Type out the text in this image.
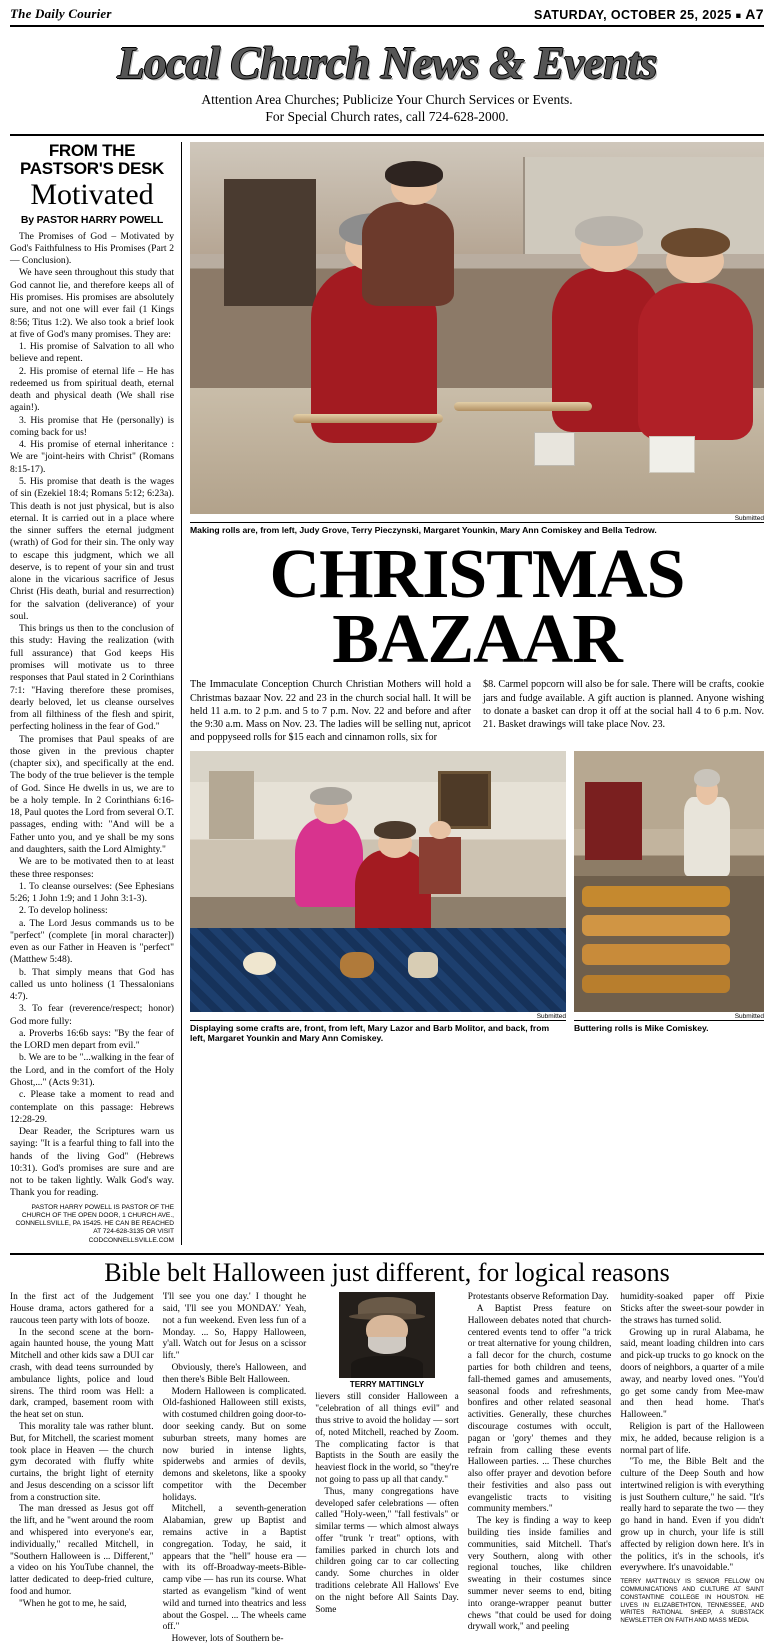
The Daily Courier	SATURDAY, OCTOBER 25, 2025 ■ A7
Local Church News & Events
Attention Area Churches; Publicize Your Church Services or Events.
For Special Church rates, call 724-628-2000.
FROM THE PASTSOR'S DESK
Motivated
By PASTOR HARRY POWELL

The Promises of God – Motivated by God's Faithfulness to His Promises (Part 2 — Conclusion).

We have seen throughout this study that God cannot lie, and therefore keeps all of His promises. His promises are absolutely sure, and not one will ever fail (1 Kings 8:56; Titus 1:2). We also took a brief look at five of God's many promises. They are:

1. His promise of Salvation to all who believe and repent.

2. His promise of eternal life – He has redeemed us from spiritual death, eternal death and physical death (We shall rise again!).

3. His promise that He (personally) is coming back for us!

4. His promise of eternal inheritance : We are "joint-heirs with Christ" (Romans 8:15-17).

5. His promise that death is the wages of sin (Ezekiel 18:4; Romans 5:12; 6:23a). This death is not just physical, but is also eternal. It is carried out in a place where the sinner suffers the eternal judgment (wrath) of God for their sin. The only way to escape this judgment, which we all deserve, is to repent of your sin and trust alone in the vicarious sacrifice of Jesus Christ (His death, burial and resurrection) for the salvation (deliverance) of your soul.

This brings us then to the conclusion of this study: Having the realization (with full assurance) that God keeps His promises will motivate us to three responses that Paul stated in 2 Corinthians 7:1: "Having therefore these promises, dearly beloved, let us cleanse ourselves from all filthiness of the flesh and spirit, perfecting holiness in the fear of God."

The promises that Paul speaks of are those given in the previous chapter (chapter six), and specifically at the end. The body of the true believer is the temple of God. Since He dwells in us, we are to be a holy temple. In 2 Corinthians 6:16-18, Paul quotes the Lord from several O.T. passages, ending with: "And will be a Father unto you, and ye shall be my sons and daughters, saith the Lord Almighty."

We are to be motivated then to at least these three responses:

1. To cleanse ourselves: (See Ephesians 5:26; 1 John 1:9; and 1 John 3:1-3).

2. To develop holiness:

a. The Lord Jesus commands us to be "perfect" (complete [in moral character]) even as our Father in Heaven is "perfect" (Matthew 5:48).

b. That simply means that God has called us unto holiness (1 Thessalonians 4:7).

3. To fear (reverence/respect; honor) God more fully:

a. Proverbs 16:6b says: "By the fear of the LORD men depart from evil."

b. We are to be "...walking in the fear of the Lord, and in the comfort of the Holy Ghost,..." (Acts 9:31).

c. Please take a moment to read and contemplate on this passage: Hebrews 12:28-29.

Dear Reader, the Scriptures warn us saying: "It is a fearful thing to fall into the hands of the living God" (Hebrews 10:31). God's promises are sure and are not to be taken lightly. Walk God's way. Thank you for reading.

PASTOR HARRY POWELL IS PASTOR OF THE CHURCH OF THE OPEN DOOR, 1 CHURCH AVE., CONNELLSVILLE, PA 15425. HE CAN BE REACHED AT 724-628-3135 OR VISIT CODCONNELLSVILLE.COM
Submitted
Making rolls are, from left, Judy Grove, Terry Pieczynski, Margaret Younkin, Mary Ann Comiskey and Bella Tedrow.
CHRISTMAS
BAZAAR

The Immaculate Conception Church Christian Mothers will hold a Christmas bazaar Nov. 22 and 23 in the church social hall. It will be held 11 a.m. to 2 p.m. and 5 to 7 p.m. Nov. 22 and before and after the 9:30 a.m. Mass on Nov. 23. The ladies will be selling nut, apricot and poppyseed rolls for $15 each and cinnamon rolls, six for

$8. Carmel popcorn will also be for sale. There will be crafts, cookie jars and fudge available. A gift auction is planned. Anyone wishing to donate a basket can drop it off at the social hall 4 to 6 p.m. Nov. 21. Basket drawings will take place Nov. 23.

Submitted
Displaying some crafts are, front, from left, Mary Lazor and Barb Molitor, and back, from left, Margaret Younkin and Mary Ann Comiskey.
Submitted
Buttering rolls is Mike Comiskey.
Bible belt Halloween just different, for logical reasons

In the first act of the Judgement House drama, actors gathered for a raucous teen party with lots of booze.

In the second scene at the born-again haunted house, the young Matt Mitchell and other kids saw a DUI car crash, with dead teens surrounded by ambulance lights, police and loud sirens. The third room was Hell: a dark, cramped, basement room with the heat set on stun.

This morality tale was rather blunt. But, for Mitchell, the scariest moment took place in Heaven — the church gym decorated with fluffy white curtains, the bright light of eternity and Jesus descending on a scissor lift from a construction site.

The man dressed as Jesus got off the lift, and he "went around the room and whispered into everyone's ear, individually," recalled Mitchell, in "Southern Halloween is ... Different," a video on his YouTube channel, the latter dedicated to deep-fried culture, food and humor.

"When he got to me, he said,

'I'll see you one day.' I thought he said, 'I'll see you MONDAY.' Yeah, not a fun weekend. Even less fun of a Monday. ... So, Happy Halloween, y'all. Watch out for Jesus on a scissor lift."

Obviously, there's Halloween, and then there's Bible Belt Halloween.

Modern Halloween is complicated. Old-fashioned Halloween still exists, with costumed children going door-to-door seeking candy. But on some suburban streets, many homes are now buried in intense lights, spiderwebs and armies of devils, demons and skeletons, like a spooky competitor with the December holidays.

Mitchell, a seventh-generation Alabamian, grew up Baptist and remains active in a Baptist congregation. Today, he said, it appears that the "hell" house era — with its off-Broadway-meets-Bible-camp vibe — has run its course. What started as evangelism "kind of went wild and turned into theatrics and less about the Gospel. ... The wheels came off."

However, lots of Southern be-

TERRY MATTINGLY

lievers still consider Halloween a "celebration of all things evil" and thus strive to avoid the holiday — sort of, noted Mitchell, reached by Zoom. The complicating factor is that Baptists in the South are easily the heaviest flock in the world, so "they're not going to pass up all that candy."

Thus, many congregations have developed safer celebrations — often called "Holy-ween," "fall festivals" or similar terms — which almost always offer "trunk 'r treat" options, with families parked in church lots and children going car to car collecting candy. Some churches in older traditions celebrate All Hallows' Eve on the night before All Saints Day. Some

Protestants observe Reformation Day.

A Baptist Press feature on Halloween debates noted that church-centered events tend to offer "a trick or treat alternative for young children, a fall decor for the church, costume parties for both children and teens, fall-themed games and amusements, seasonal foods and refreshments, bonfires and other related seasonal activities. Generally, these churches discourage costumes with occult, pagan or 'gory' themes and they refrain from calling these events Halloween parties. ... These churches also offer prayer and devotion before their festivities and also pass out evangelistic tracts to visiting community members."

The key is finding a way to keep building ties inside families and communities, said Mitchell. That's very Southern, along with other regional touches, like children sweating in their costumes since summer never seems to end, biting into orange-wrapper peanut butter chews "that could be used for doing drywall work," and peeling

humidity-soaked paper off Pixie Sticks after the sweet-sour powder in the straws has turned solid.

Growing up in rural Alabama, he said, meant loading children into cars and pick-up trucks to go knock on the doors of neighbors, a quarter of a mile away, and nearby loved ones. "You'd go get some candy from Mee-maw and then head home. That's Halloween."

Religion is part of the Halloween mix, he added, because religion is a normal part of life.

"To me, the Bible Belt and the culture of the Deep South and how intertwined religion is with everything is just Southern culture," he said. "It's really hard to separate the two — they go hand in hand. Even if you didn't grow up in church, your life is still affected by religion down here. It's in the politics, it's in the schools, it's everywhere. It's unavoidable."

TERRY MATTINGLY IS SENIOR FELLOW ON COMMUNICATIONS AND CULTURE AT SAINT CONSTANTINE COLLEGE IN HOUSTON. HE LIVES IN ELIZABETHTON, TENNESSEE, AND WRITES RATIONAL SHEEP, A SUBSTACK NEWSLETTER ON FAITH AND MASS MEDIA.
